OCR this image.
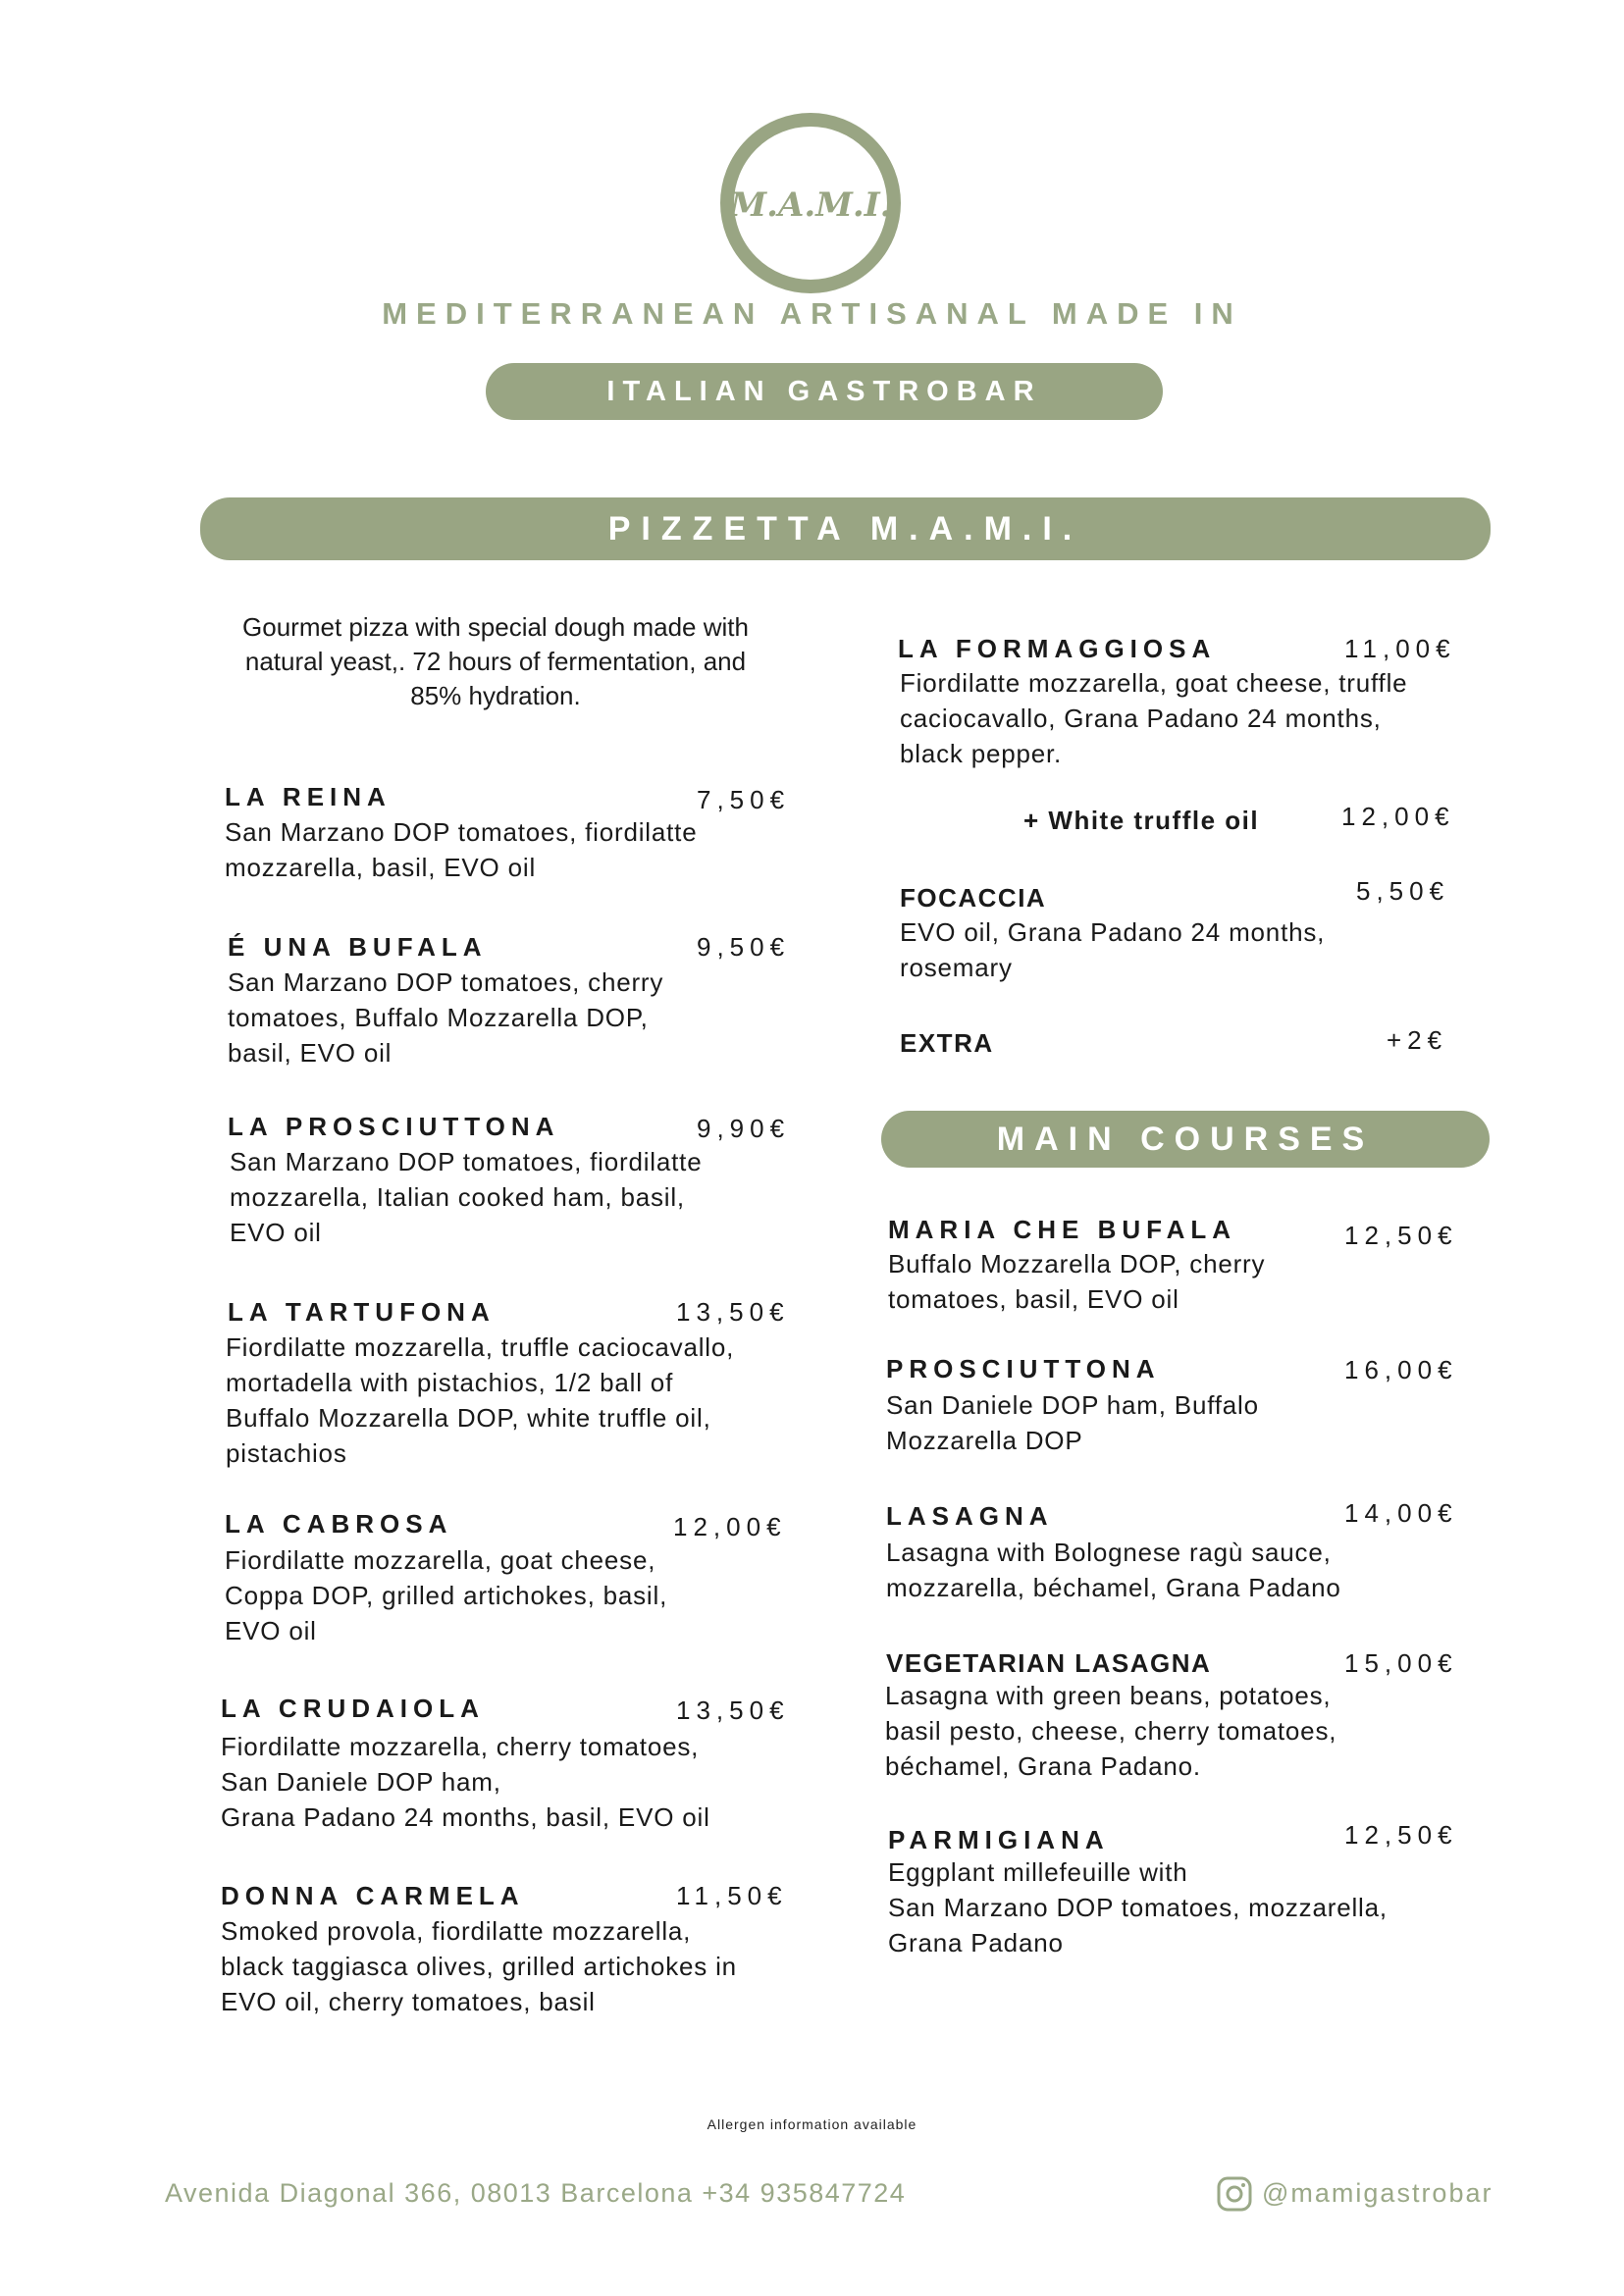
M.A.M.I.
MEDITERRANEAN ARTISANAL MADE IN
ITALIAN GASTROBAR
PIZZETTA M.A.M.I.
Gourmet pizza with special dough made with natural yeast,. 72 hours of fermentation, and 85% hydration.
LA REINA	7,50€
San Marzano DOP tomatoes, fiordilatte
mozzarella, basil, EVO oil
É UNA BUFALA	9,50€
San Marzano DOP tomatoes, cherry
tomatoes, Buffalo Mozzarella DOP,
basil, EVO oil
LA PROSCIUTTONA	9,90€
San Marzano DOP tomatoes, fiordilatte
mozzarella, Italian cooked ham, basil,
EVO oil
LA TARTUFONA	13,50€
Fiordilatte mozzarella, truffle caciocavallo,
mortadella with pistachios, 1/2 ball of
Buffalo Mozzarella DOP, white truffle oil,
pistachios
LA CABROSA	12,00€
Fiordilatte mozzarella, goat cheese,
Coppa DOP, grilled artichokes, basil,
EVO oil
LA CRUDAIOLA	13,50€
Fiordilatte mozzarella, cherry tomatoes,
San Daniele DOP ham,
Grana Padano 24 months, basil, EVO oil
DONNA CARMELA	11,50€
Smoked provola, fiordilatte mozzarella,
black taggiasca olives, grilled artichokes in
EVO oil, cherry tomatoes, basil
LA FORMAGGIOSA	11,00€
Fiordilatte mozzarella, goat cheese, truffle
caciocavallo, Grana Padano 24 months,
black pepper.
+ White truffle oil	12,00€
FOCACCIA	5,50€
EVO oil, Grana Padano 24 months,
rosemary
EXTRA	+2€
MAIN COURSES
MARIA CHE BUFALA	12,50€
Buffalo Mozzarella DOP, cherry
tomatoes, basil, EVO oil
PROSCIUTTONA	16,00€
San Daniele DOP ham, Buffalo
Mozzarella DOP
LASAGNA	14,00€
Lasagna with Bolognese ragù sauce,
mozzarella, béchamel, Grana Padano
VEGETARIAN LASAGNA	15,00€
Lasagna with green beans, potatoes,
basil pesto, cheese, cherry tomatoes,
béchamel, Grana Padano.
PARMIGIANA	12,50€
Eggplant millefeuille with
San Marzano DOP tomatoes, mozzarella,
Grana Padano
Allergen information available
Avenida Diagonal 366, 08013 Barcelona +34 935847724	@mamigastrobar
